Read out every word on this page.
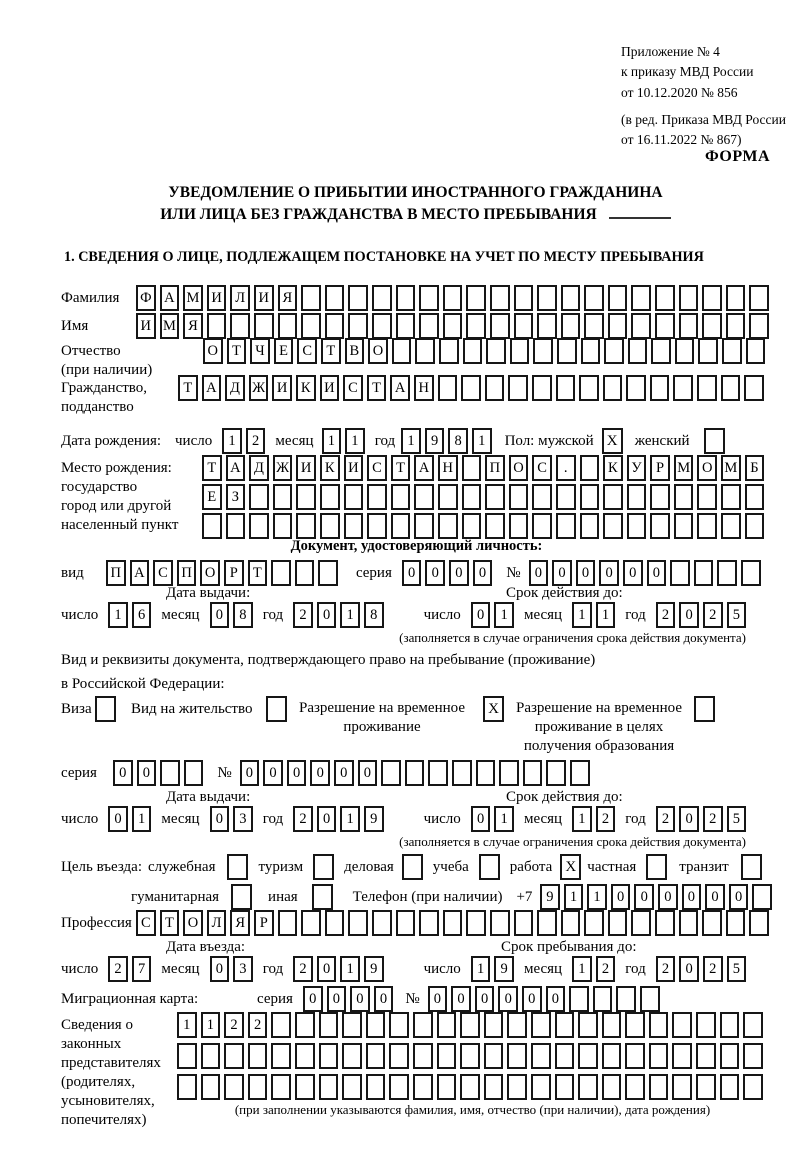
Приложение № 4
к приказу МВД России
от 10.12.2020 № 856
(в ред. Приказа МВД России
от 16.11.2022 № 867)
ФОРМА
УВЕДОМЛЕНИЕ О ПРИБЫТИИ ИНОСТРАННОГО ГРАЖДАНИНА
ИЛИ ЛИЦА БЕЗ ГРАЖДАНСТВА В МЕСТО ПРЕБЫВАНИЯ
1. СВЕДЕНИЯ О ЛИЦЕ, ПОДЛЕЖАЩЕМ ПОСТАНОВКЕ НА УЧЕТ ПО МЕСТУ ПРЕБЫВАНИЯ
Фамилия	Ф А М И Л И Я
Имя	И М Я
Отчество
(при наличии)
О Т Ч Е С Т В О
Гражданство,
подданство
Т А Д Ж И К И С Т А Н
Дата рождения: число	1	2	месяц 1	1	год 1	9	8	1	Пол: мужской X	женский
Место рождения:
государство
город или другой
населенный пункт
Т А Д Ж И К И С Т А Н	П О С	.	К У Р М О М Б
Е	З
Документ, удостоверяющий личность:
вид	П А С П О Р	Т	серия	0	0	0	0	№ 0	0	0	0	0	0
Дата выдачи:	Срок действия до:
число	1	6	месяц	0	8	год	2	0	1	8	число	0	1	месяц	1	1	год	2	0	2	5
(заполняется в случае ограничения срока действия документа)
Вид и реквизиты документа, подтверждающего право на пребывание (проживание)
в Российской Федерации:
Виза	Вид на жительство	Разрешение на временное
проживание
X	Разрешение на временное
проживание в целях
получения образования
серия	0	0	№ 0	0	0	0	0	0
Дата выдачи:	Срок действия до:
число	0	1	месяц	0	3	год	2	0	1	9	число	0	1	месяц	1	2	год	2	0	2	5
(заполняется в случае ограничения срока действия документа)
Цель въезда: служебная	туризм	деловая	учеба	работа X частная	транзит
гуманитарная	иная	Телефон (при наличии) +7 9	1	1	0	0	0	0	0	0
Профессия С Т О Л Я	Р
Дата въезда:	Срок пребывания до:
число	2	7	месяц	0	3	год	2	0	1	9	число	1	9	месяц	1	2	год	2	0	2	5
Миграционная карта:	серия	0	0	0	0	№ 0	0	0	0	0	0
Сведения о
законных
представителях
(родителях,
усыновителях,
попечителях)
1	1	2	2
(при заполнении указываются фамилия, имя, отчество (при наличии), дата рождения)
